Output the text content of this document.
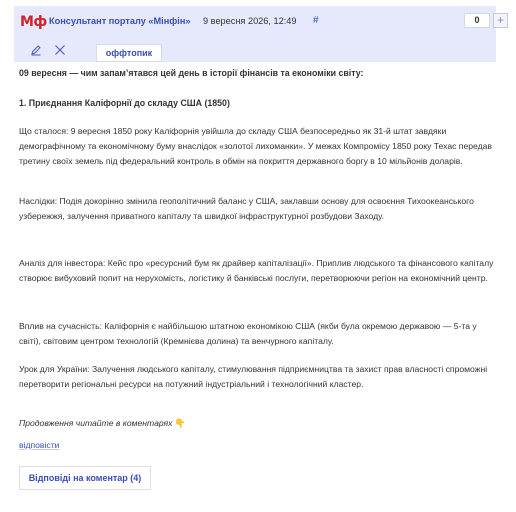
Мф Консультант порталу «Мінфін» 9 вересня 2026, 12:49 #	0	+
оффтопик

09 вересня — чим запам’ятався цей день в історії фінансів та економіки світу:

1. Приєднання Каліфорнії до складу США (1850)

Що сталося: 9 вересня 1850 року Каліфорнія увійшла до складу США безпосередньо як 31-й штат завдяки демографічному та економічному буму внаслідок «золотої лихоманки». У межах Компромісу 1850 року Техас передав третину своїх земель під федеральний контроль в обмін на покриття державного боргу в 10 мільйонів доларів.

Наслідки: Подія докорінно змінила геополітичний баланс у США, заклавши основу для освоєння Тихоокеанського узбережжя, залучення приватного капіталу та швидкої інфраструктурної розбудови Заходу.

Аналіз для інвестора: Кейс про «ресурсний бум як драйвер капіталізації». Приплив людського та фінансового капіталу створює вибуховий попит на нерухомість, логістику й банківські послуги, перетворюючи регіон на економічний центр.

Вплив на сучасність: Каліфорнія є найбільшою штатною економікою США (якби була окремою державою — 5-та у світі), світовим центром технологій (Кремнієва долина) та венчурного капіталу.

Урок для України: Залучення людського капіталу, стимулювання підприємництва та захист прав власності спроможні перетворити регіональні ресурси на потужний індустріальний і технологічний кластер.

Продовження читайте в коментарях 👇

відповісти
Відповіді на коментар (4)
